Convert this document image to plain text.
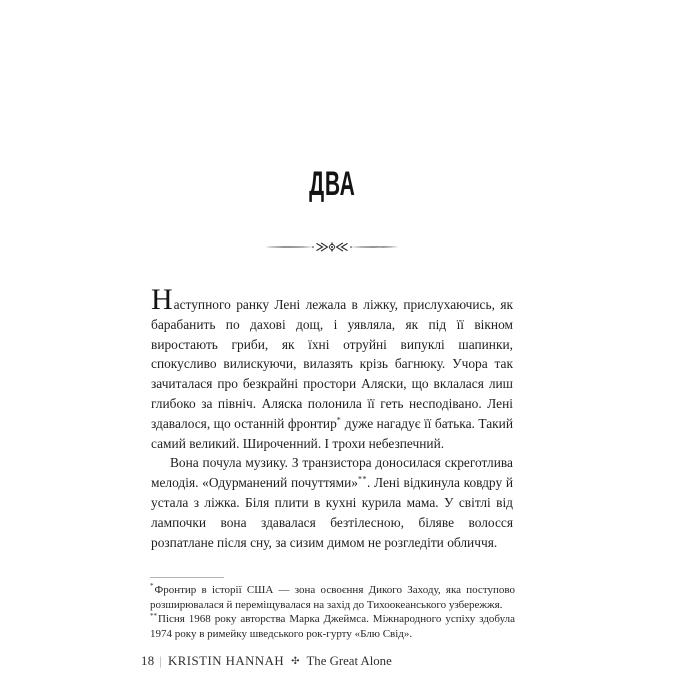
ДВА

Наступного ранку Лені лежала в ліжку, прислухаючись, як барабанить по дахові дощ, і уявляла, як під її вікном виростають гриби, як їхні отруйні випуклі шапинки, спокусливо вилискуючи, вилазять крізь багнюку. Учора так зачиталася про безкрайні простори Аляски, що вклалася лиш глибоко за північ. Аляска полонила її геть несподівано. Лені здавалося, що останній фронтир* дуже нагадує її батька. Такий самий великий. Широченний. І трохи небезпечний.

Вона почула музику. З транзистора доносилася скреготлива мелодія. «Одурманений почуттями»**. Лені відкинула ковдру й устала з ліжка. Біля плити в кухні курила мама. У світлі від лампочки вона здавалася безтілесною, біляве волосся розпатлане після сну, за сизим димом не розгледіти обличчя.

*Фронтир в історії США — зона освоєння Дикого Заходу, яка поступово розширювалася й переміщувалася на захід до Тихоокеанського узбережжя.

**Пісня 1968 року авторства Марка Джеймса. Міжнародного успіху здобула 1974 року в римейку шведського рок-гурту «Блю Свід».

18 | KRISTIN HANNAH ✣ The Great Alone
